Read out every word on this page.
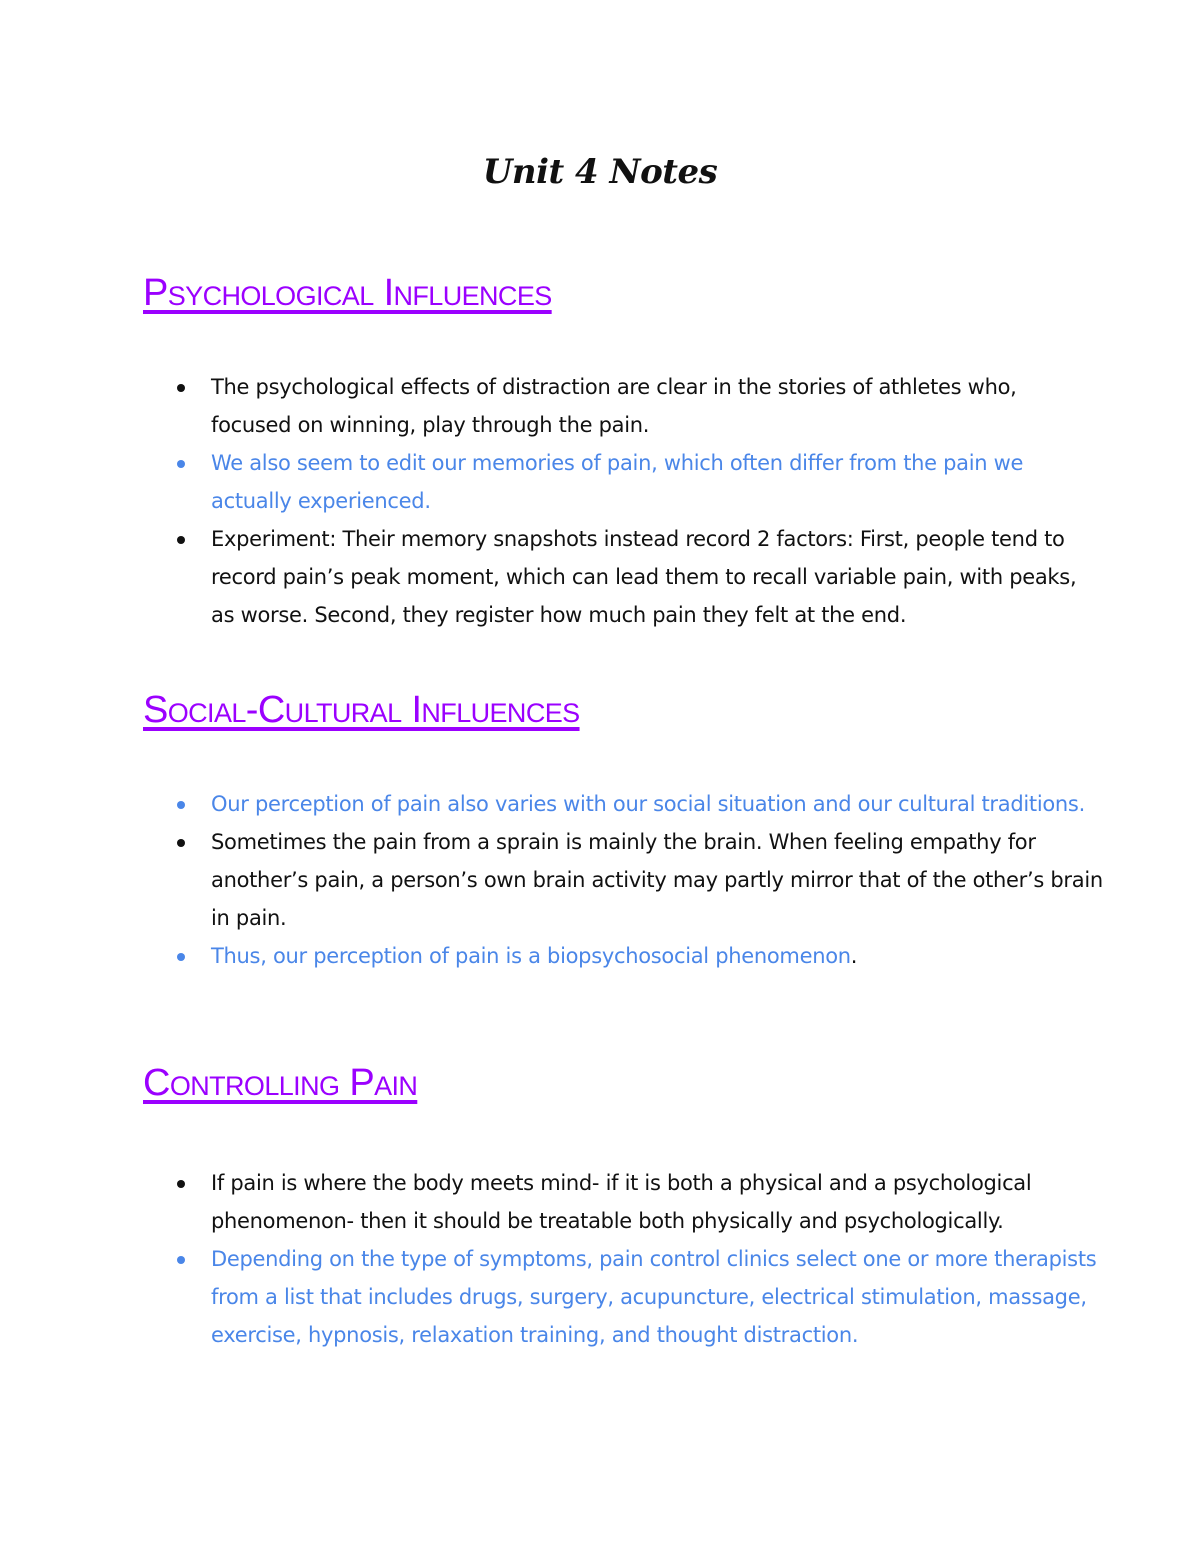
Unit 4 Notes
Psychological Influences
The psychological effects of distraction are clear in the stories of athletes who, focused on winning, play through the pain.
We also seem to edit our memories of pain, which often differ from the pain we actually experienced.
Experiment: Their memory snapshots instead record 2 factors: First, people tend to record pain’s peak moment, which can lead them to recall variable pain, with peaks, as worse. Second, they register how much pain they felt at the end.
Social-Cultural Influences
Our perception of pain also varies with our social situation and our cultural traditions.
Sometimes the pain from a sprain is mainly the brain. When feeling empathy for another’s pain, a person’s own brain activity may partly mirror that of the other’s brain in pain.
Thus, our perception of pain is a biopsychosocial phenomenon.
Controlling Pain
If pain is where the body meets mind- if it is both a physical and a psychological phenomenon- then it should be treatable both physically and psychologically.
Depending on the type of symptoms, pain control clinics select one or more therapists from a list that includes drugs, surgery, acupuncture, electrical stimulation, massage, exercise, hypnosis, relaxation training, and thought distraction.
